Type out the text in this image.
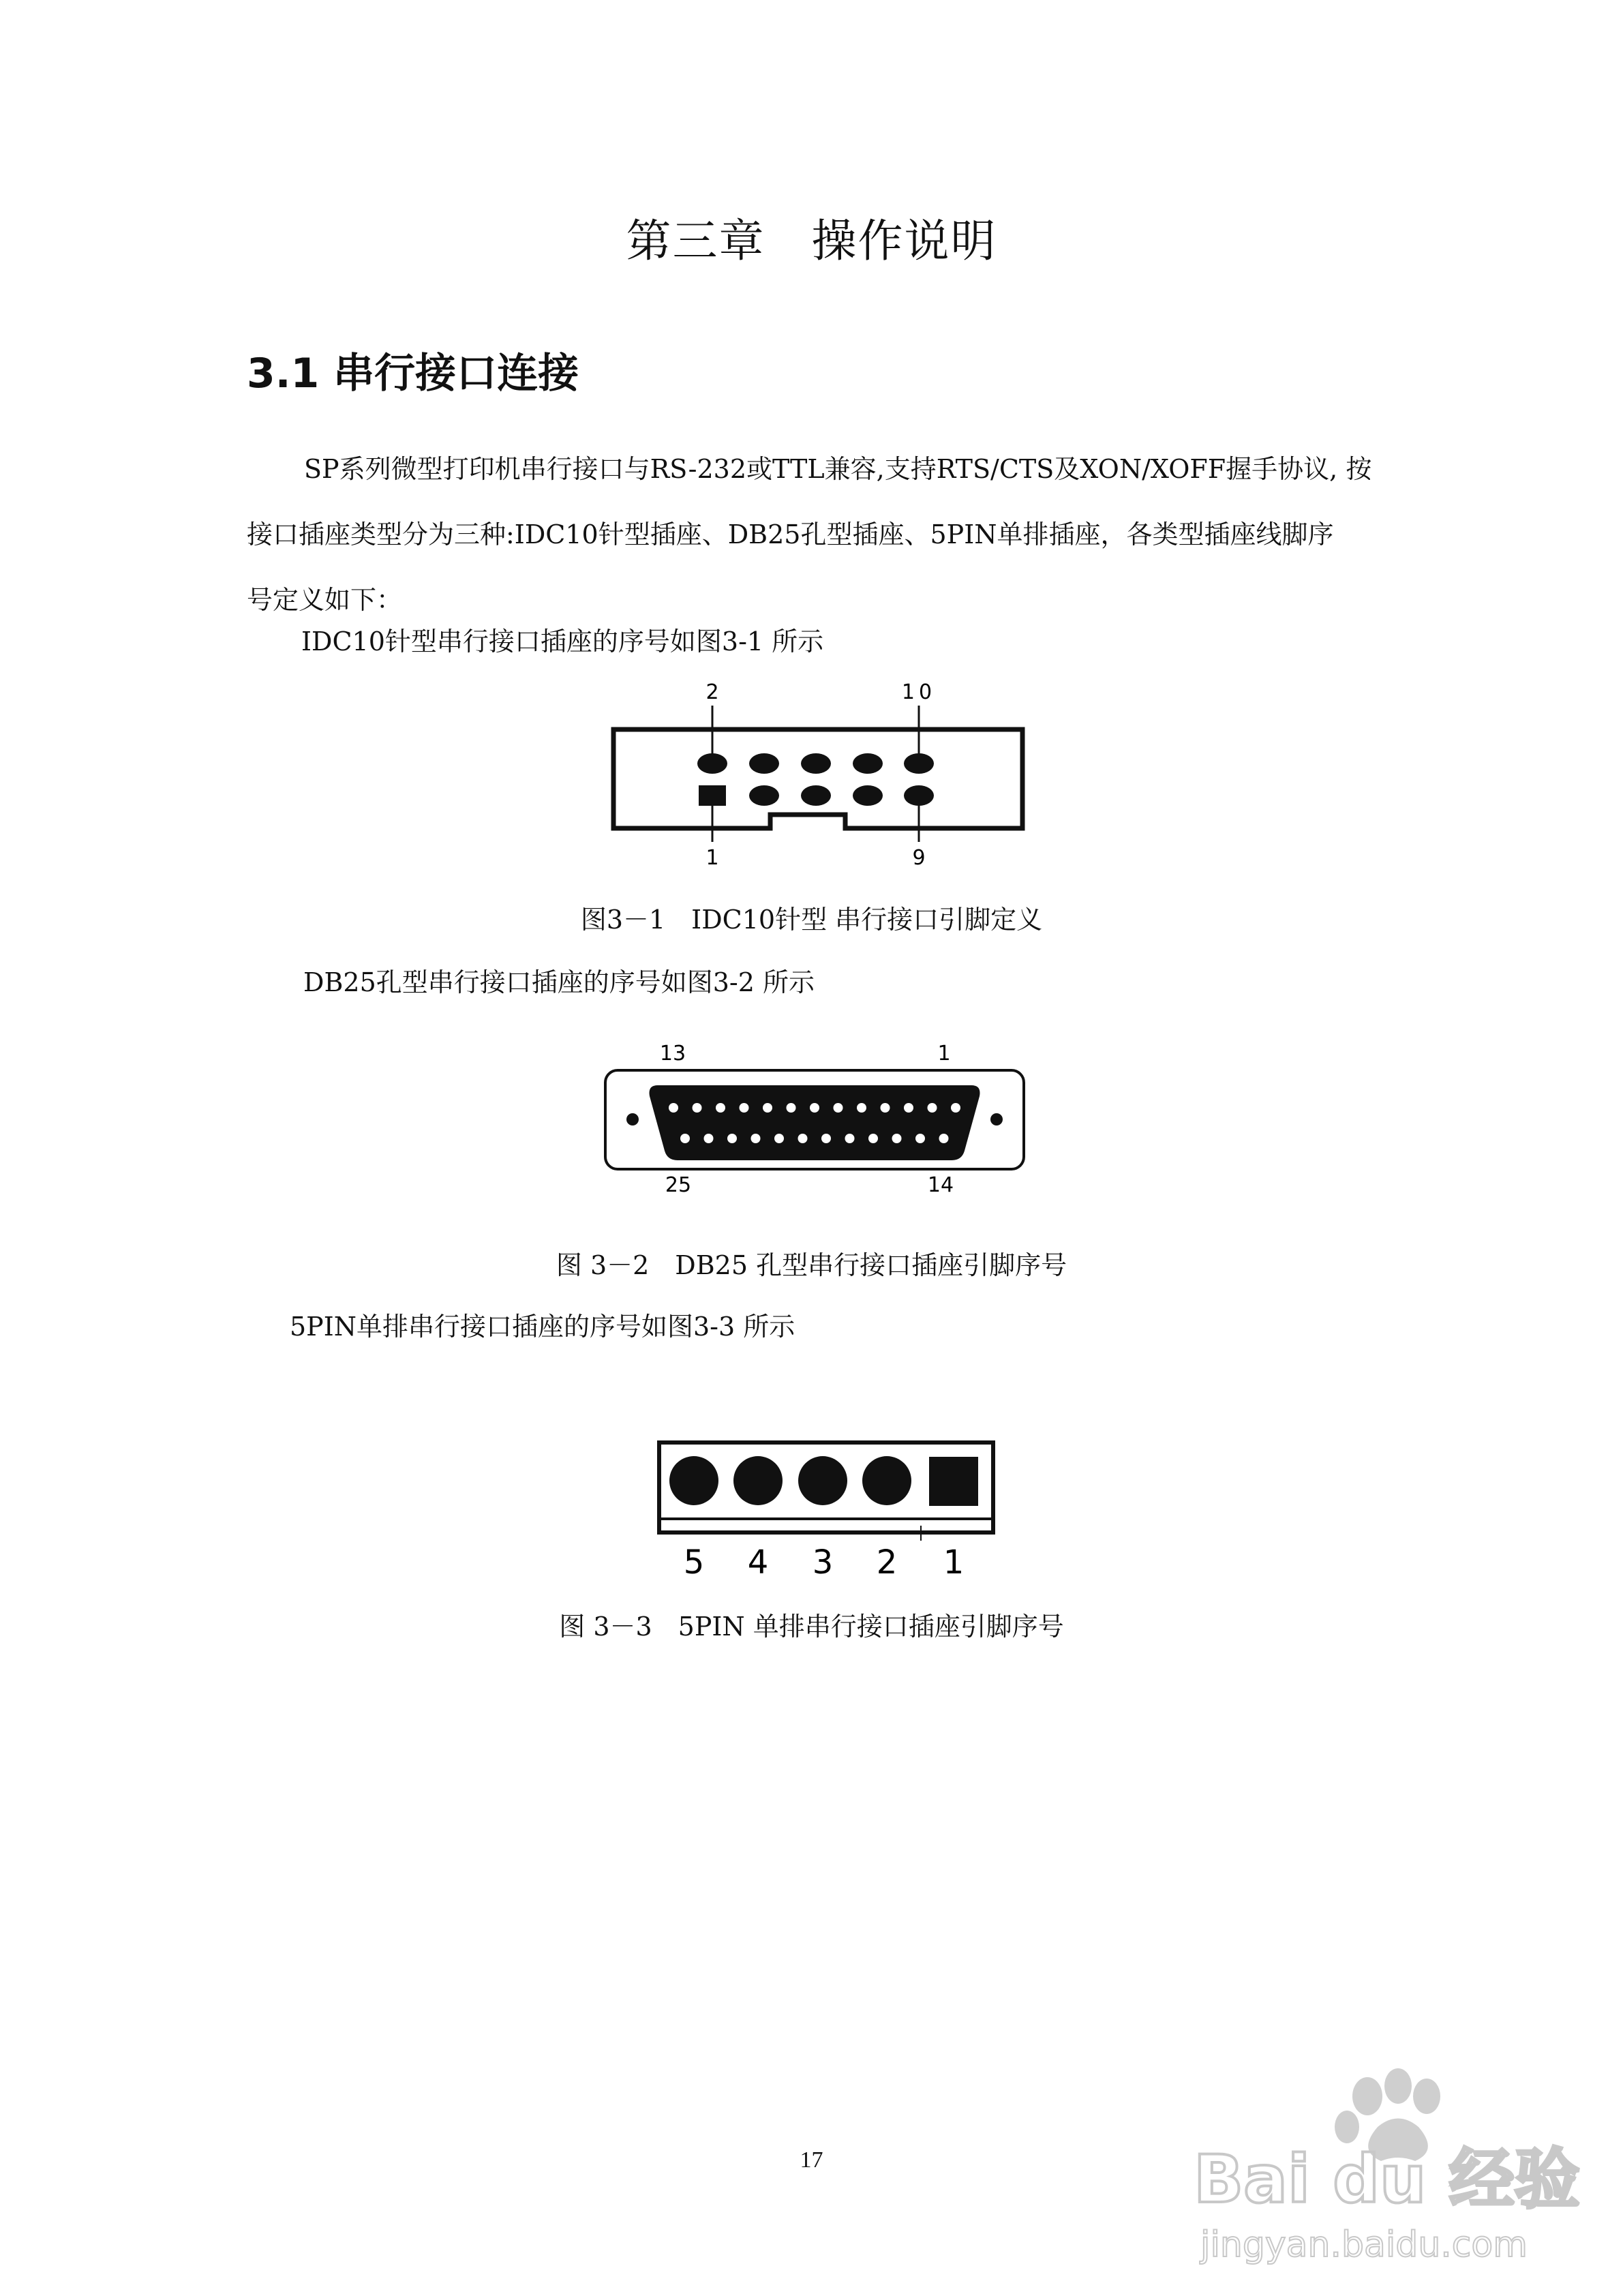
第三章　操作说明
3.1 串行接口连接
SP系列微型打印机串行接口与RS-232或TTL兼容,支持RTS/CTS及XON/XOFF握手协议, 按
接口插座类型分为三种:IDC10针型插座、DB25孔型插座、5PIN单排插座，各类型插座线脚序
号定义如下：
IDC10针型串行接口插座的序号如图3-1 所示
2	10
1	9
图3－1　IDC10针型 串行接口引脚定义
DB25孔型串行接口插座的序号如图3-2 所示
13	1
25	14
图 3－2　DB25 孔型串行接口插座引脚序号
5PIN单排串行接口插座的序号如图3-3 所示
5 4 3 2 1
图 3－3　5PIN 单排串行接口插座引脚序号
17	Bai du 经验
jingyan.baidu.com
